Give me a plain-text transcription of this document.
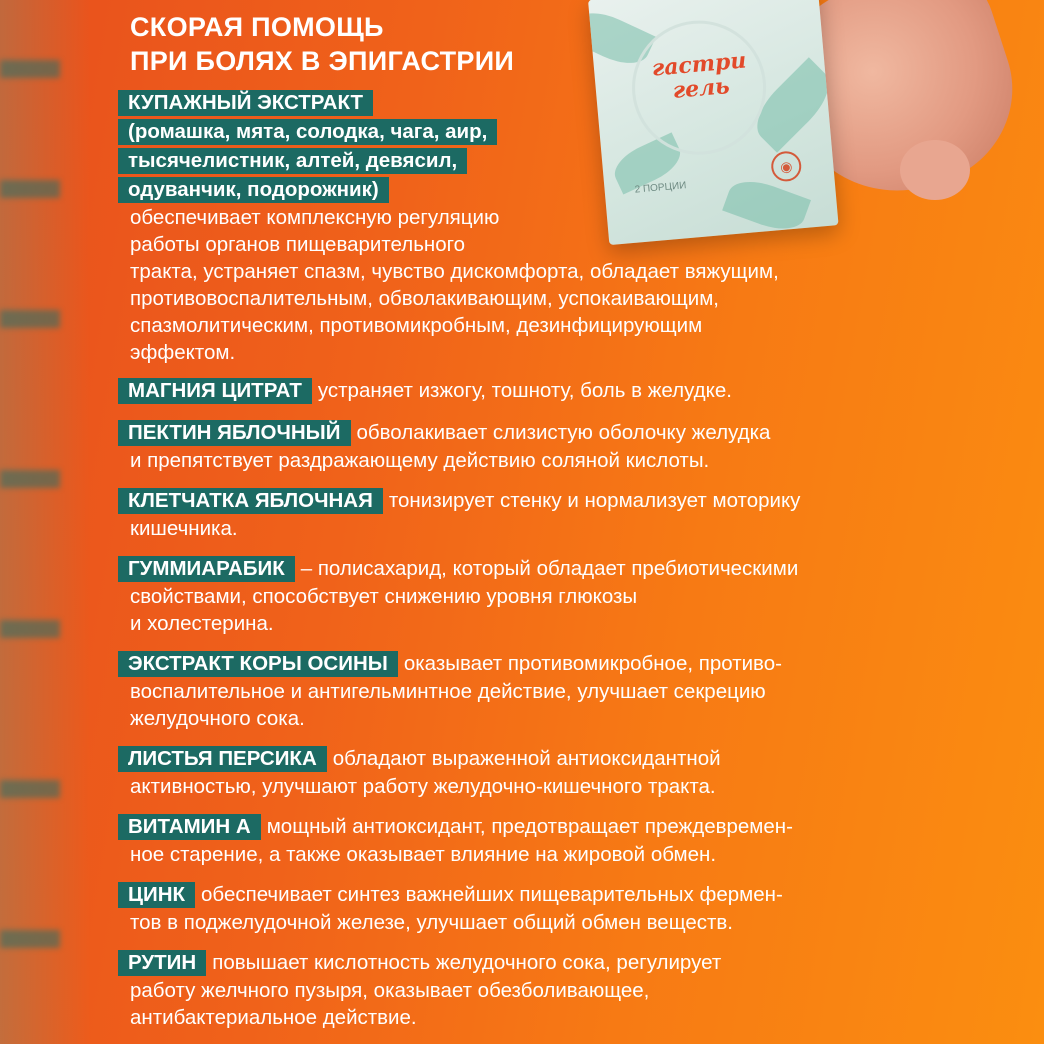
гастри
гель
2 ПОРЦИИ
◉
СКОРАЯ ПОМОЩЬ
ПРИ БОЛЯХ В ЭПИГАСТРИИ
КУПАЖНЫЙ ЭКСТРАКТ
(ромашка, мята, солодка, чага, аир,
тысячелистник, алтей, девясил,
одуванчик, подорожник)
обеспечивает комплексную регуляцию
работы органов пищеварительного
тракта, устраняет спазм, чувство дискомфорта, обладает вяжущим,
противовоспалительным, обволакивающим, успокаивающим,
спазмолитическим, противомикробным, дезинфицирующим
эффектом.
МАГНИЯ ЦИТРАТ устраняет изжогу, тошноту, боль в желудке.
ПЕКТИН ЯБЛОЧНЫЙ обволакивает слизистую оболочку желудка

и препятствует раздражающему действию соляной кислоты.
КЛЕТЧАТКА ЯБЛОЧНАЯ тонизирует стенку и нормализует моторику

кишечника.
ГУММИАРАБИК – полисахарид, который обладает пребиотическими

свойствами, способствует снижению уровня глюкозы
и холестерина.
ЭКСТРАКТ КОРЫ ОСИНЫ оказывает противомикробное, противо-

воспалительное и антигельминтное действие, улучшает секрецию
желудочного сока.
ЛИСТЬЯ ПЕРСИКА обладают выраженной антиоксидантной

активностью, улучшают работу желудочно-кишечного тракта.
ВИТАМИН А мощный антиоксидант, предотвращает преждевремен-

ное старение, а также оказывает влияние на жировой обмен.
ЦИНК обеспечивает синтез важнейших пищеварительных фермен-

тов в поджелудочной железе, улучшает общий обмен веществ.
РУТИН повышает кислотность желудочного сока, регулирует

работу желчного пузыря, оказывает обезболивающее,
антибактериальное действие.
